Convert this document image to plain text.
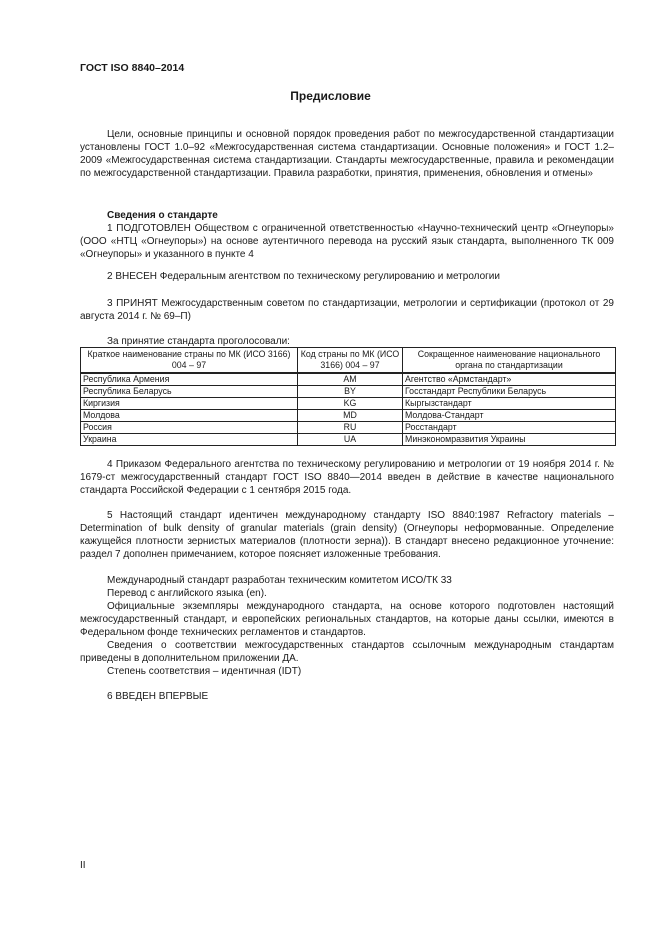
ГОСТ ISO 8840–2014
Предисловие

Цели, основные принципы и основной порядок проведения работ по межгосударственной стандартизации установлены ГОСТ 1.0–92 «Межгосударственная система стандартизации. Основные положения» и ГОСТ 1.2–2009 «Межгосударственная система стандартизации. Стандарты межгосударственные, правила и рекомендации по межгосударственной стандартизации. Правила разработки, принятия, применения, обновления и отмены»

Сведения о стандарте

1 ПОДГОТОВЛЕН Обществом с ограниченной ответственностью «Научно-технический центр «Огнеупоры» (ООО «НТЦ «Огнеупоры») на основе аутентичного перевода на русский язык стандарта, выполненного ТК 009 «Огнеупоры» и указанного в пункте 4

2 ВНЕСЕН Федеральным агентством по техническому регулированию и метрологии

3 ПРИНЯТ Межгосударственным советом по стандартизации, метрологии и сертификации (протокол от 29 августа 2014 г. № 69–П)

За принятие стандарта проголосовали:

Краткое наименование страны по МК (ИСО 3166) 004 – 97	Код страны по МК (ИСО 3166) 004 – 97	Сокращенное наименование национального органа по стандартизации
Республика Армения	AM	Агентство «Армстандарт»
Республика Беларусь	BY	Госстандарт Республики Беларусь
Киргизия	KG	Кыргызстандарт
Молдова	MD	Молдова-Стандарт
Россия	RU	Росстандарт
Украина	UA	Минэкономразвития Украины

4 Приказом Федерального агентства по техническому регулированию и метрологии от 19 ноября 2014 г. № 1679-ст межгосударственный стандарт ГОСТ ISO 8840—2014 введен в действие в качестве национального стандарта Российской Федерации с 1 сентября 2015 года.

5 Настоящий стандарт идентичен международному стандарту ISO 8840:1987 Refractory materials – Determination of bulk density of granular materials (grain density) (Огнеупоры неформованные. Определение кажущейся плотности зернистых материалов (плотности зерна)). В стандарт внесено редакционное уточнение: раздел 7 дополнен примечанием, которое поясняет изложенные требования.

Международный стандарт разработан техническим комитетом ИСО/ТК 33

Перевод с английского языка (en).

Официальные экземпляры международного стандарта, на основе которого подготовлен настоящий межгосударственный стандарт, и европейских региональных стандартов, на которые даны ссылки, имеются в Федеральном фонде технических регламентов и стандартов.

Сведения о соответствии межгосударственных стандартов ссылочным международным стандартам приведены в дополнительном приложении ДА.

Степень соответствия – идентичная (IDT)

6 ВВЕДЕН ВПЕРВЫЕ

II
